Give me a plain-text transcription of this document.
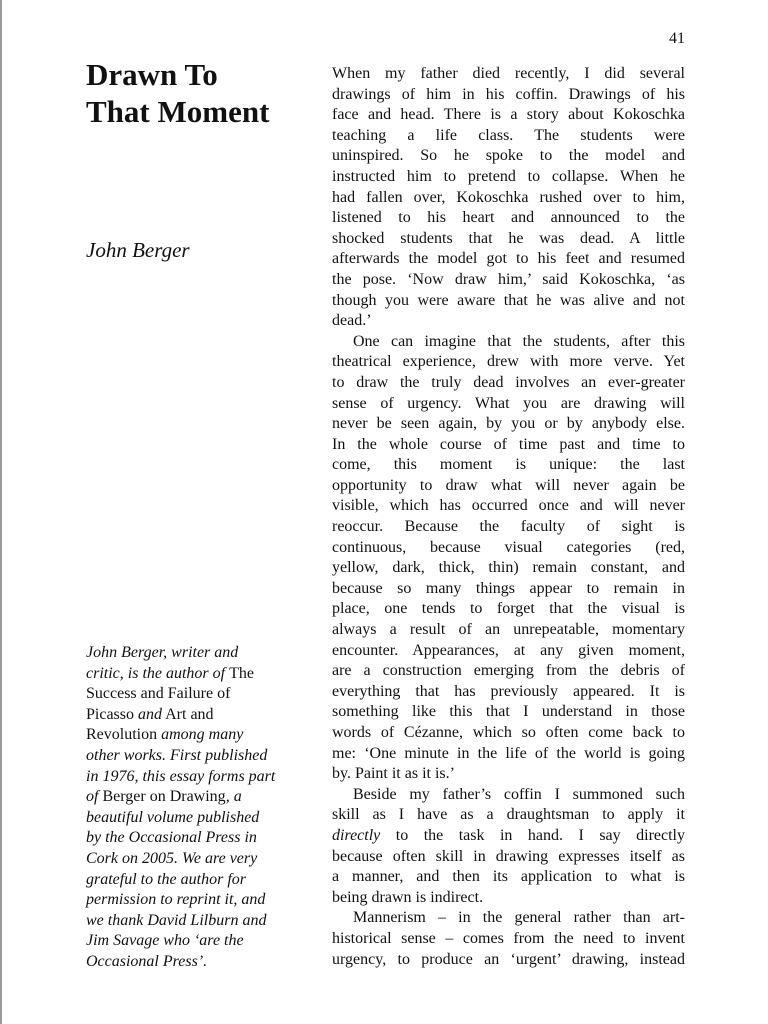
41
Drawn To
That Moment
John Berger
John Berger, writer and
critic, is the author of The
Success and Failure of
Picasso and Art and
Revolution among many
other works. First published
in 1976, this essay forms part
of Berger on Drawing, a
beautiful volume published
by the Occasional Press in
Cork on 2005. We are very
grateful to the author for
permission to reprint it, and
we thank David Lilburn and
Jim Savage who ‘are the
Occasional Press’.
When my father died recently, I did several
drawings of him in his coffin. Drawings of his
face and head. There is a story about Kokoschka
teaching a life class. The students were
uninspired. So he spoke to the model and
instructed him to pretend to collapse. When he
had fallen over, Kokoschka rushed over to him,
listened to his heart and announced to the
shocked students that he was dead. A little
afterwards the model got to his feet and resumed
the pose. ‘Now draw him,’ said Kokoschka, ‘as
though you were aware that he was alive and not
dead.’
One can imagine that the students, after this
theatrical experience, drew with more verve. Yet
to draw the truly dead involves an ever-greater
sense of urgency. What you are drawing will
never be seen again, by you or by anybody else.
In the whole course of time past and time to
come, this moment is unique: the last
opportunity to draw what will never again be
visible, which has occurred once and will never
reoccur. Because the faculty of sight is
continuous, because visual categories (red,
yellow, dark, thick, thin) remain constant, and
because so many things appear to remain in
place, one tends to forget that the visual is
always a result of an unrepeatable, momentary
encounter. Appearances, at any given moment,
are a construction emerging from the debris of
everything that has previously appeared. It is
something like this that I understand in those
words of Cézanne, which so often come back to
me: ‘One minute in the life of the world is going
by. Paint it as it is.’
Beside my father’s coffin I summoned such
skill as I have as a draughtsman to apply it
directly to the task in hand. I say directly
because often skill in drawing expresses itself as
a manner, and then its application to what is
being drawn is indirect.
Mannerism – in the general rather than art-
historical sense – comes from the need to invent
urgency, to produce an ‘urgent’ drawing, instead
